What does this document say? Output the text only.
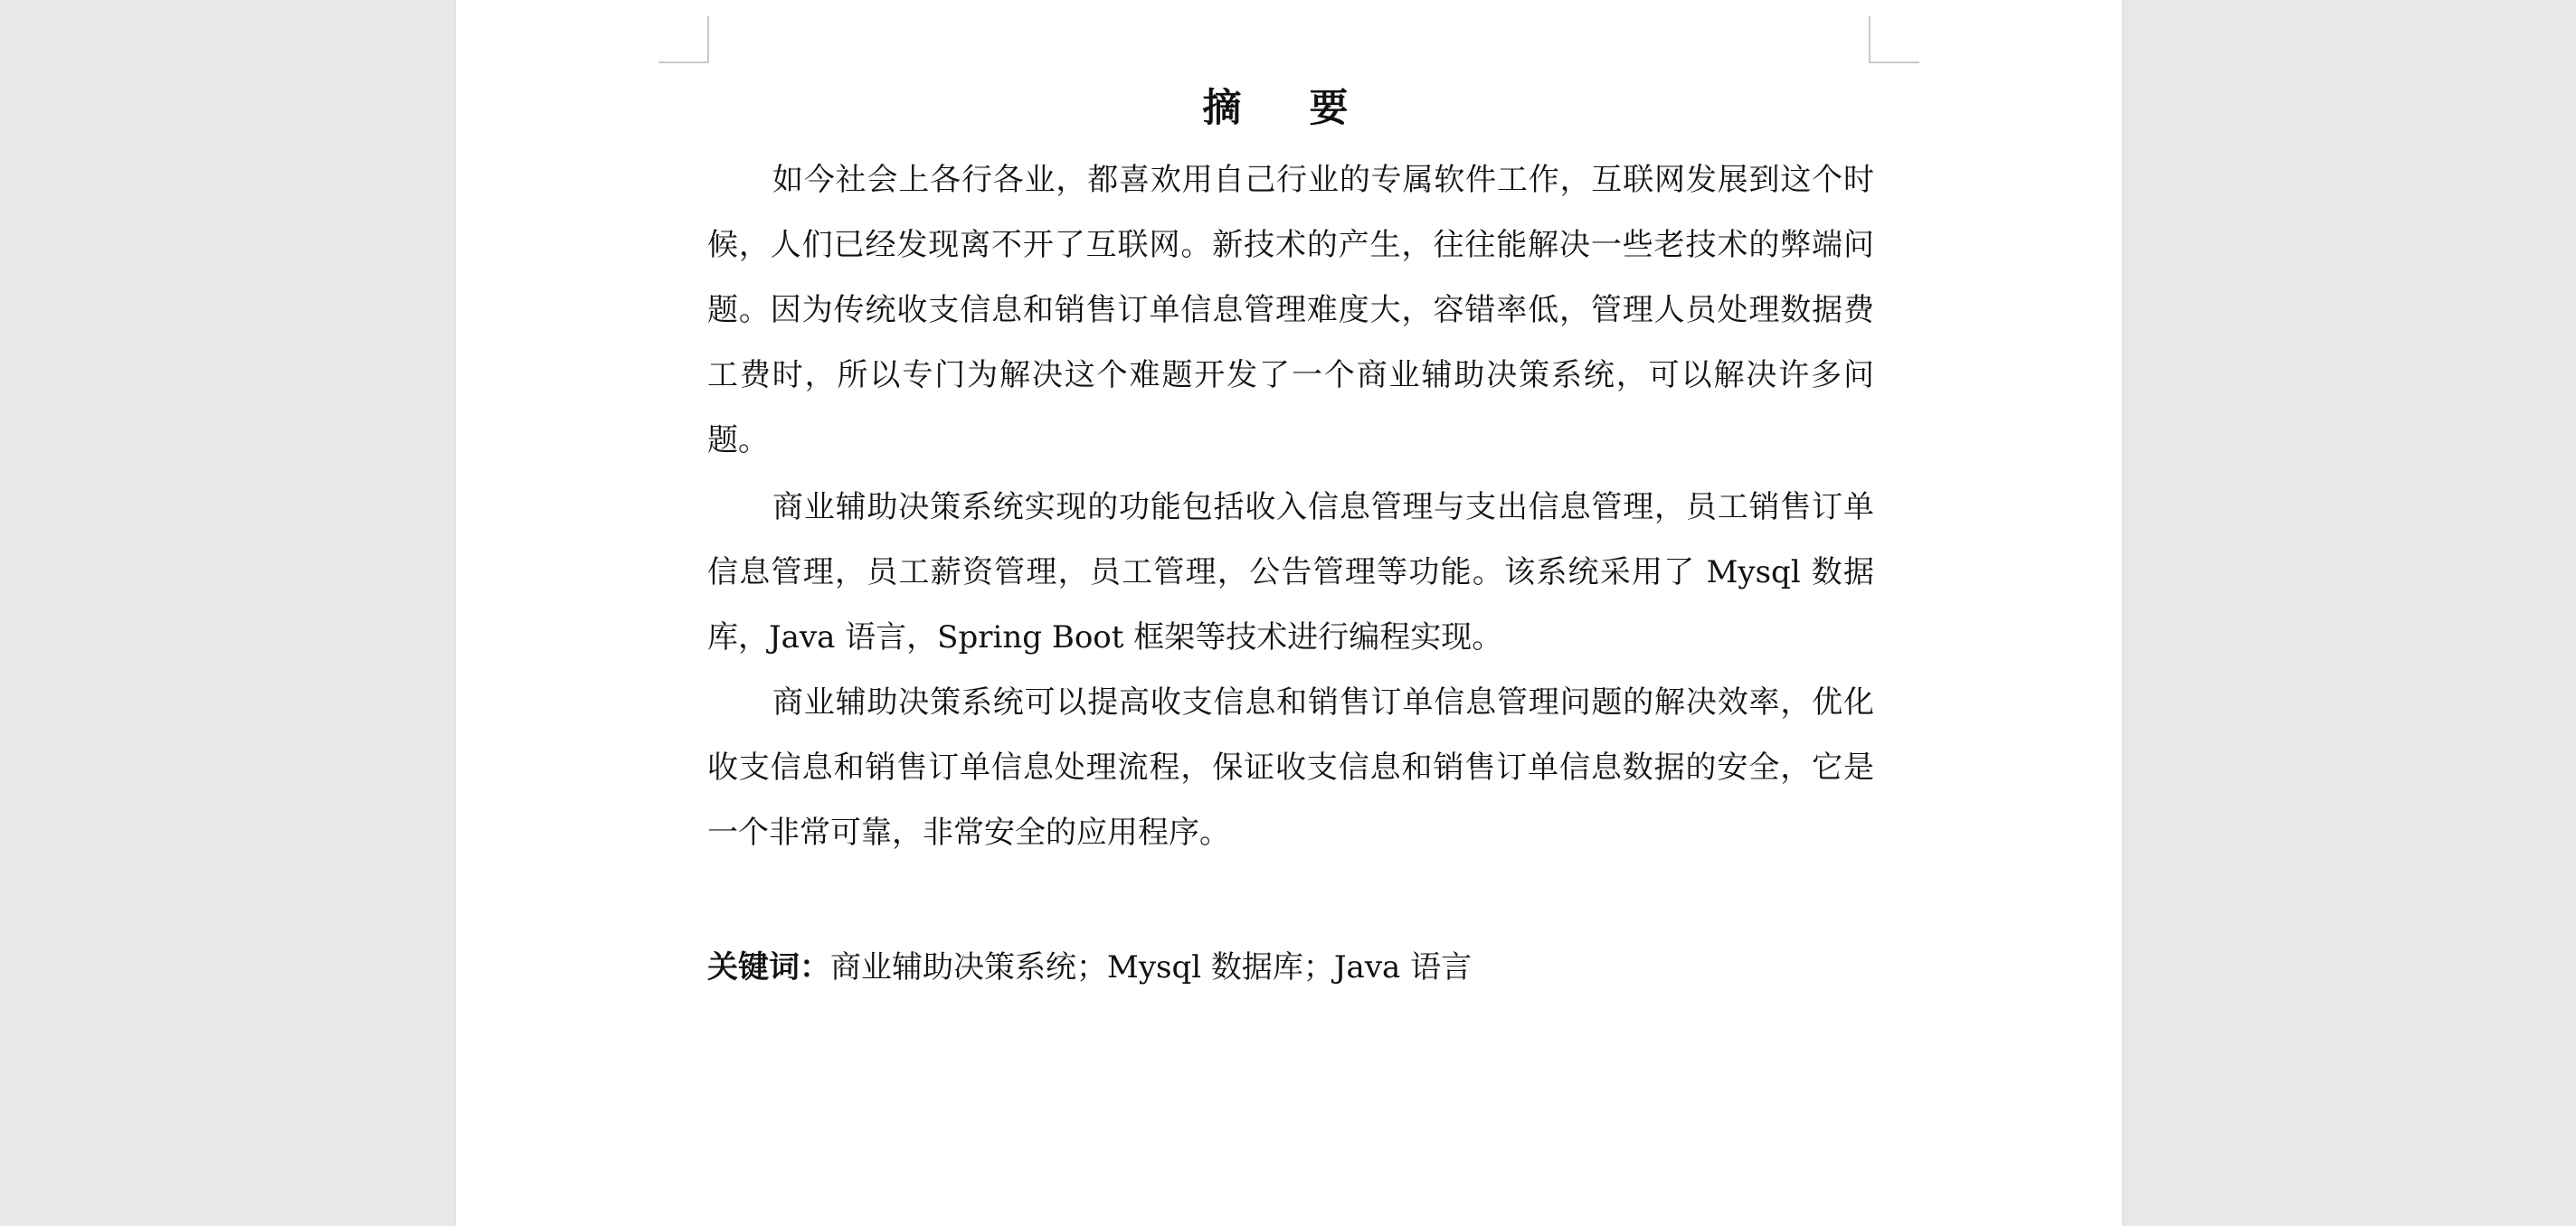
摘 要

如今社会上各行各业，都喜欢用自己行业的专属软件工作，互联网发展到这个时候，人们已经发现离不开了互联网。新技术的产生，往往能解决一些老技术的弊端问题。因为传统收支信息和销售订单信息管理难度大，容错率低，管理人员处理数据费工费时，所以专门为解决这个难题开发了一个商业辅助决策系统，可以解决许多问题。

商业辅助决策系统实现的功能包括收入信息管理与支出信息管理，员工销售订单信息管理，员工薪资管理，员工管理，公告管理等功能。该系统采用了 Mysql 数据库，Java 语言，Spring Boot 框架等技术进行编程实现。

商业辅助决策系统可以提高收支信息和销售订单信息管理问题的解决效率，优化收支信息和销售订单信息处理流程，保证收支信息和销售订单信息数据的安全，它是一个非常可靠，非常安全的应用程序。

关键词：商业辅助决策系统；Mysql 数据库；Java 语言
